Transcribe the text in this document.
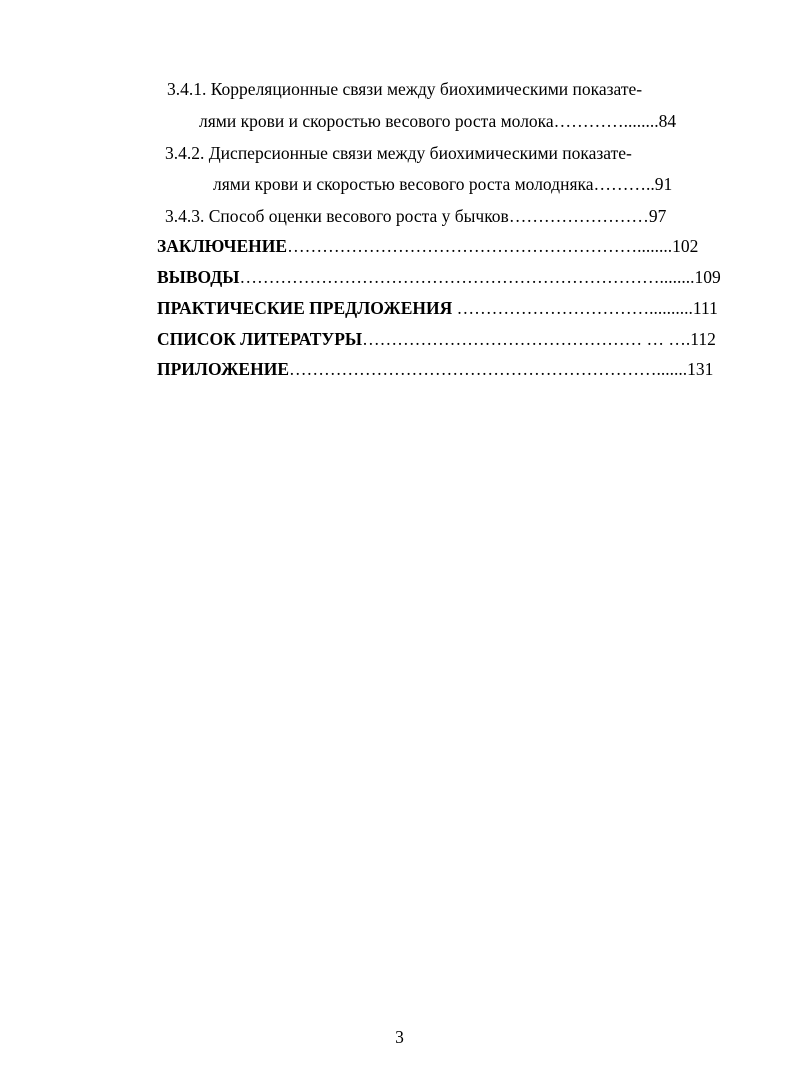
3.4.1. Корреляционные связи между биохимическими показате-
лями крови и скоростью весового роста молока…………........84
3.4.2. Дисперсионные связи между биохимическими показате-
лями крови и скоростью весового роста молодняка………..91
3.4.3. Способ оценки весового роста у бычков……………………97
ЗАКЛЮЧЕНИЕ……………………………………………………........102
ВЫВОДЫ………………………………………………………………........109
ПРАКТИЧЕСКИЕ ПРЕДЛОЖЕНИЯ ……………………………..........111
СПИСОК ЛИТЕРАТУРЫ………………………………………… … ….112
ПРИЛОЖЕНИЕ……………………………………………………….......131
3
